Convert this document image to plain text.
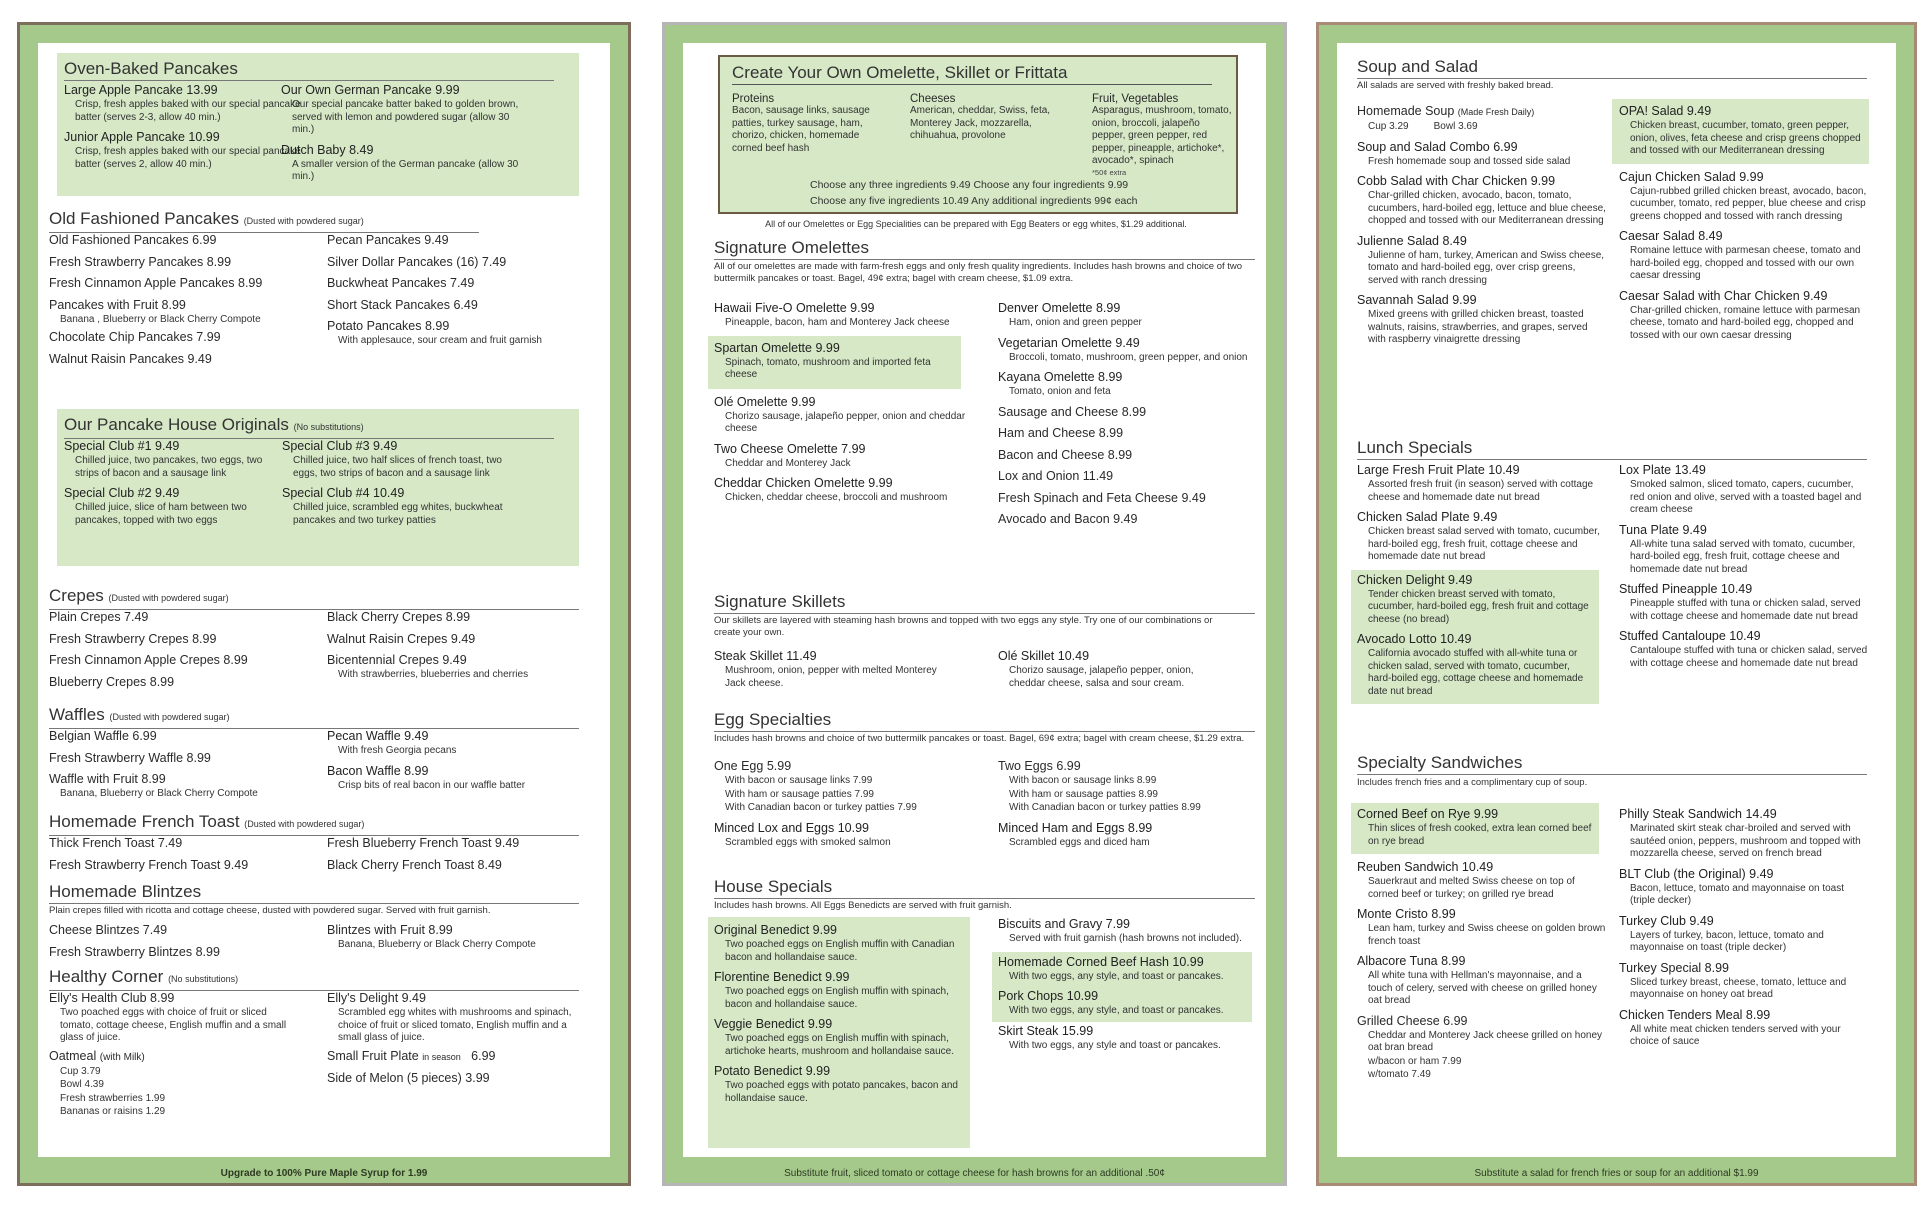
Oven-Baked Pancakes
Large Apple Pancake 13.99
Crisp, fresh apples baked with our special pancake batter (serves 2-3, allow 40 min.)
Junior Apple Pancake 10.99
Crisp, fresh apples baked with our special pancake batter (serves 2, allow 40 min.)
Our Own German Pancake 9.99
Our special pancake batter baked to golden brown, served with lemon and powdered sugar (allow 30 min.)
Dutch Baby 8.49
A smaller version of the German pancake (allow 30 min.)
Old Fashioned Pancakes (Dusted with powdered sugar)
Old Fashioned Pancakes 6.99
Fresh Strawberry Pancakes 8.99
Fresh Cinnamon Apple Pancakes 8.99
Pancakes with Fruit 8.99
Banana , Blueberry or Black Cherry Compote
Chocolate Chip Pancakes 7.99
Walnut Raisin Pancakes 9.49
Pecan Pancakes 9.49
Silver Dollar Pancakes (16) 7.49
Buckwheat Pancakes 7.49
Short Stack Pancakes 6.49
Potato Pancakes 8.99
With applesauce, sour cream and fruit garnish
Our Pancake House Originals (No substitutions)
Special Club #1 9.49
Chilled juice, two pancakes, two eggs, two strips of bacon and a sausage link
Special Club #2 9.49
Chilled juice, slice of ham between two pancakes, topped with two eggs
Special Club #3 9.49
Chilled juice, two half slices of french toast, two eggs, two strips of bacon and a sausage link
Special Club #4 10.49
Chilled juice, scrambled egg whites, buckwheat pancakes and two turkey patties
Crepes (Dusted with powdered sugar)
Plain Crepes 7.49
Fresh Strawberry Crepes 8.99
Fresh Cinnamon Apple Crepes 8.99
Blueberry Crepes 8.99
Black Cherry Crepes 8.99
Walnut Raisin Crepes 9.49
Bicentennial Crepes 9.49
With strawberries, blueberries and cherries
Waffles (Dusted with powdered sugar)
Belgian Waffle 6.99
Fresh Strawberry Waffle 8.99
Waffle with Fruit 8.99
Banana, Blueberry or Black Cherry Compote
Pecan Waffle 9.49
With fresh Georgia pecans
Bacon Waffle 8.99
Crisp bits of real bacon in our waffle batter
Homemade French Toast (Dusted with powdered sugar)
Thick French Toast 7.49
Fresh Strawberry French Toast 9.49
Fresh Blueberry French Toast 9.49
Black Cherry French Toast 8.49
Homemade Blintzes
Plain crepes filled with ricotta and cottage cheese, dusted with powdered sugar. Served with fruit garnish.
Cheese Blintzes 7.49
Fresh Strawberry Blintzes 8.99
Blintzes with Fruit 8.99
Banana, Blueberry or Black Cherry Compote
Healthy Corner (No substitutions)
Elly's Health Club 8.99
Two poached eggs with choice of fruit or sliced tomato, cottage cheese, English muffin and a small glass of juice.
Oatmeal (with Milk)
Cup 3.79
Bowl 4.39
Fresh strawberries 1.99
Bananas or raisins 1.29
Elly's Delight 9.49
Scrambled egg whites with mushrooms and spinach, choice of fruit or sliced tomato, English muffin and a small glass of juice.
Small Fruit Plate in season 6.99
Side of Melon (5 pieces) 3.99
Upgrade to 100% Pure Maple Syrup for 1.99
Create Your Own Omelette, Skillet or Frittata
Proteins
Bacon, sausage links, sausage patties, turkey sausage, ham, chorizo, chicken, homemade corned beef hash
Cheeses
American, cheddar, Swiss, feta, Monterey Jack, mozzarella, chihuahua, provolone
Fruit, Vegetables
Asparagus, mushroom, tomato, onion, broccoli, jalapeño pepper, green pepper, red pepper, pineapple, artichoke*, avocado*, spinach
*50¢ extra
Choose any three ingredients 9.49 Choose any four ingredients 9.99
Choose any five ingredients 10.49 Any additional ingredients 99¢ each
All of our Omelettes or Egg Specialities can be prepared with Egg Beaters or egg whites, $1.29 additional.
Signature Omelettes
All of our omelettes are made with farm-fresh eggs and only fresh quality ingredients. Includes hash browns and choice of two buttermilk pancakes or toast. Bagel, 49¢ extra; bagel with cream cheese, $1.09 extra.
Hawaii Five-O Omelette 9.99
Pineapple, bacon, ham and Monterey Jack cheese
Spartan Omelette 9.99
Spinach, tomato, mushroom and imported feta cheese
Olé Omelette 9.99
Chorizo sausage, jalapeño pepper, onion and cheddar cheese
Two Cheese Omelette 7.99
Cheddar and Monterey Jack
Cheddar Chicken Omelette 9.99
Chicken, cheddar cheese, broccoli and mushroom
Denver Omelette 8.99
Ham, onion and green pepper
Vegetarian Omelette 9.49
Broccoli, tomato, mushroom, green pepper, and onion
Kayana Omelette 8.99
Tomato, onion and feta
Sausage and Cheese 8.99
Ham and Cheese 8.99
Bacon and Cheese 8.99
Lox and Onion 11.49
Fresh Spinach and Feta Cheese 9.49
Avocado and Bacon 9.49
Signature Skillets
Our skillets are layered with steaming hash browns and topped with two eggs any style. Try one of our combinations or create your own.
Steak Skillet 11.49
Mushroom, onion, pepper with melted Monterey Jack cheese.
Olé Skillet 10.49
Chorizo sausage, jalapeño pepper, onion, cheddar cheese, salsa and sour cream.
Egg Specialties
Includes hash browns and choice of two buttermilk pancakes or toast. Bagel, 69¢ extra; bagel with cream cheese, $1.29 extra.
One Egg 5.99
With bacon or sausage links 7.99
With ham or sausage patties 7.99
With Canadian bacon or turkey patties 7.99
Minced Lox and Eggs 10.99
Scrambled eggs with smoked salmon
Two Eggs 6.99
With bacon or sausage links 8.99
With ham or sausage patties 8.99
With Canadian bacon or turkey patties 8.99
Minced Ham and Eggs 8.99
Scrambled eggs and diced ham
House Specials
Includes hash browns. All Eggs Benedicts are served with fruit garnish.
Original Benedict 9.99
Two poached eggs on English muffin with Canadian bacon and hollandaise sauce.
Florentine Benedict 9.99
Two poached eggs on English muffin with spinach, bacon and hollandaise sauce.
Veggie Benedict 9.99
Two poached eggs on English muffin with spinach, artichoke hearts, mushroom and hollandaise sauce.
Potato Benedict 9.99
Two poached eggs with potato pancakes, bacon and hollandaise sauce.
Biscuits and Gravy 7.99
Served with fruit garnish (hash browns not included).
Homemade Corned Beef Hash 10.99
With two eggs, any style, and toast or pancakes.
Pork Chops 10.99
With two eggs, any style, and toast or pancakes.
Skirt Steak 15.99
With two eggs, any style and toast or pancakes.
Substitute fruit, sliced tomato or cottage cheese for hash browns for an additional .50¢
Soup and Salad
All salads are served with freshly baked bread.
Homemade Soup (Made Fresh Daily)
Cup 3.29	Bowl 3.69
Soup and Salad Combo 6.99
Fresh homemade soup and tossed side salad
Cobb Salad with Char Chicken 9.99
Char-grilled chicken, avocado, bacon, tomato, cucumbers, hard-boiled egg, lettuce and blue cheese, chopped and tossed with our Mediterranean dressing
Julienne Salad 8.49
Julienne of ham, turkey, American and Swiss cheese, tomato and hard-boiled egg, over crisp greens, served with ranch dressing
Savannah Salad 9.99
Mixed greens with grilled chicken breast, toasted walnuts, raisins, strawberries, and grapes, served with raspberry vinaigrette dressing
OPA! Salad 9.49
Chicken breast, cucumber, tomato, green pepper, onion, olives, feta cheese and crisp greens chopped and tossed with our Mediterranean dressing
Cajun Chicken Salad 9.99
Cajun-rubbed grilled chicken breast, avocado, bacon, cucumber, tomato, red pepper, blue cheese and crisp greens chopped and tossed with ranch dressing
Caesar Salad 8.49
Romaine lettuce with parmesan cheese, tomato and hard-boiled egg, chopped and tossed with our own caesar dressing
Caesar Salad with Char Chicken 9.49
Char-grilled chicken, romaine lettuce with parmesan cheese, tomato and hard-boiled egg, chopped and tossed with our own caesar dressing
Lunch Specials
Large Fresh Fruit Plate 10.49
Assorted fresh fruit (in season) served with cottage cheese and homemade date nut bread
Chicken Salad Plate 9.49
Chicken breast salad served with tomato, cucumber, hard-boiled egg, fresh fruit, cottage cheese and homemade date nut bread
Chicken Delight 9.49
Tender chicken breast served with tomato, cucumber, hard-boiled egg, fresh fruit and cottage cheese (no bread)
Avocado Lotto 10.49
California avocado stuffed with all-white tuna or chicken salad, served with tomato, cucumber, hard-boiled egg, cottage cheese and homemade date nut bread
Lox Plate 13.49
Smoked salmon, sliced tomato, capers, cucumber, red onion and olive, served with a toasted bagel and cream cheese
Tuna Plate 9.49
All-white tuna salad served with tomato, cucumber, hard-boiled egg, fresh fruit, cottage cheese and homemade date nut bread
Stuffed Pineapple 10.49
Pineapple stuffed with tuna or chicken salad, served with cottage cheese and homemade date nut bread
Stuffed Cantaloupe 10.49
Cantaloupe stuffed with tuna or chicken salad, served with cottage cheese and homemade date nut bread
Specialty Sandwiches
Includes french fries and a complimentary cup of soup.
Corned Beef on Rye 9.99
Thin slices of fresh cooked, extra lean corned beef on rye bread
Reuben Sandwich 10.49
Sauerkraut and melted Swiss cheese on top of corned beef or turkey; on grilled rye bread
Monte Cristo 8.99
Lean ham, turkey and Swiss cheese on golden brown french toast
Albacore Tuna 8.99
All white tuna with Hellman's mayonnaise, and a touch of celery, served with cheese on grilled honey oat bread
Grilled Cheese 6.99
Cheddar and Monterey Jack cheese grilled on honey oat bran bread
w/bacon or ham 7.99
w/tomato 7.49
Philly Steak Sandwich 14.49
Marinated skirt steak char-broiled and served with sautéed onion, peppers, mushroom and topped with mozzarella cheese, served on french bread
BLT Club (the Original) 9.49
Bacon, lettuce, tomato and mayonnaise on toast (triple decker)
Turkey Club 9.49
Layers of turkey, bacon, lettuce, tomato and mayonnaise on toast (triple decker)
Turkey Special 8.99
Sliced turkey breast, cheese, tomato, lettuce and mayonnaise on honey oat bread
Chicken Tenders Meal 8.99
All white meat chicken tenders served with your choice of sauce
Substitute a salad for french fries or soup for an additional $1.99
